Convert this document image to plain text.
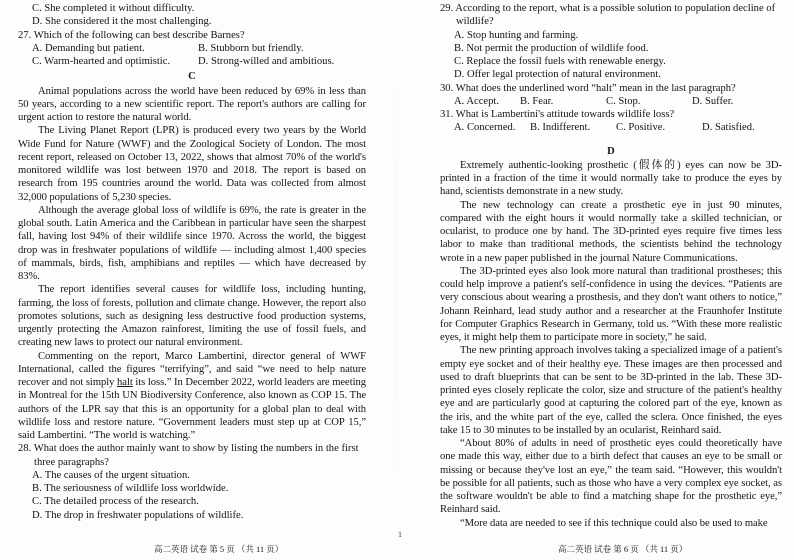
C. She completed it without difficulty.

D. She considered it the most challenging.

27. Which of the following can best describe Barnes?

A. Demanding but patient.	B. Stubborn but friendly.
C. Warm-hearted and optimistic.	D. Strong-willed and ambitious.
C

Animal populations across the world have been reduced by 69% in less than 50 years, according to a new scientific report. The report's authors are calling for urgent action to restore the natural world.

The Living Planet Report (LPR) is produced every two years by the World Wide Fund for Nature (WWF) and the Zoological Society of London. The most recent report, released on October 13, 2022, shows that almost 70% of the world's monitored wildlife was lost between 1970 and 2018. The report is based on research from 195 countries around the world. Data was collected from almost 32,000 populations of 5,230 species.

Although the average global loss of wildlife is 69%, the rate is greater in the global south. Latin America and the Caribbean in particular have seen the sharpest fall, having lost 94% of their wildlife since 1970. Across the world, the biggest drop was in freshwater populations of wildlife — including almost 1,400 species of mammals, birds, fish, amphibians and reptiles — which have decreased by 83%.

The report identifies several causes for wildlife loss, including hunting, farming, the loss of forests, pollution and climate change. However, the report also promotes solutions, such as designing less destructive food production systems, urgently protecting the Amazon rainforest, limiting the use of fossil fuels, and creating new laws to protect our natural environment.

Commenting on the report, Marco Lambertini, director general of WWF International, called the figures “terrifying”, and said “we need to help nature recover and not simply halt its loss.” In December 2022, world leaders are meeting in Montreal for the 15th UN Biodiversity Conference, also known as COP 15. The authors of the LPR say that this is an opportunity for a global plan to deal with wildlife loss and restore nature. “Government leaders must step up at COP 15,” said Lambertini. “The world is watching.”

28. What does the author mainly want to show by listing the numbers in the first three paragraphs?

A. The causes of the urgent situation.

B. The seriousness of wildlife loss worldwide.

C. The detailed process of the research.

D. The drop in freshwater populations of wildlife.

高二英语 试卷 第 5 页 （共 11 页）
1

29. According to the report, what is a possible solution to population decline of wildlife?

A. Stop hunting and farming.

B. Not permit the production of wildlife food.

C. Replace the fossil fuels with renewable energy.

D. Offer legal protection of natural environment.

30. What does the underlined word “halt” mean in the last paragraph?

A. Accept.	B. Fear.	C. Stop.	D. Suffer.

31. What is Lambertini's attitude towards wildlife loss?

A. Concerned.	B. Indifferent.	C. Positive.	D. Satisfied.
D

Extremely authentic-looking prosthetic (假体的) eyes can now be 3D-printed in a fraction of the time it would normally take to produce the eyes by hand, scientists demonstrate in a new study.

The new technology can create a prosthetic eye in just 90 minutes, compared with the eight hours it would normally take a skilled technician, or ocularist, to produce one by hand. The 3D-printed eyes require five times less labor to make than traditional methods, the scientists behind the technology wrote in a new paper published in the journal Nature Communications.

The 3D-printed eyes also look more natural than traditional prostheses; this could help improve a patient's self-confidence in using the devices. “Patients are very conscious about wearing a prosthesis, and they don't want others to notice,” Johann Reinhard, lead study author and a researcher at the Fraunhofer Institute for Computer Graphics Research in Germany, told us. “With these more realistic eyes, it might help them to participate more in society,” he said.

The new printing approach involves taking a specialized image of a patient's empty eye socket and of their healthy eye. These images are then processed and used to draft blueprints that can be sent to be 3D-printed in the lab. These 3D-printed eyes closely replicate the color, size and structure of the patient's healthy eye and are particularly good at capturing the colored part of the eye, known as the iris, and the white part of the eye, called the sclera. Once finished, the eyes take 15 to 30 minutes to be installed by an ocularist, Reinhard said.

“About 80% of adults in need of prosthetic eyes could theoretically have one made this way, either due to a birth defect that causes an eye to be small or missing or because they've lost an eye,” the team said. “However, this wouldn't be possible for all patients, such as those who have a very complex eye socket, as the software wouldn't be able to find a matching shape for the prosthetic eye,” Reinhard said.

“More data are needed to see if this technique could also be used to make

高二英语 试卷 第 6 页 （共 11 页）
